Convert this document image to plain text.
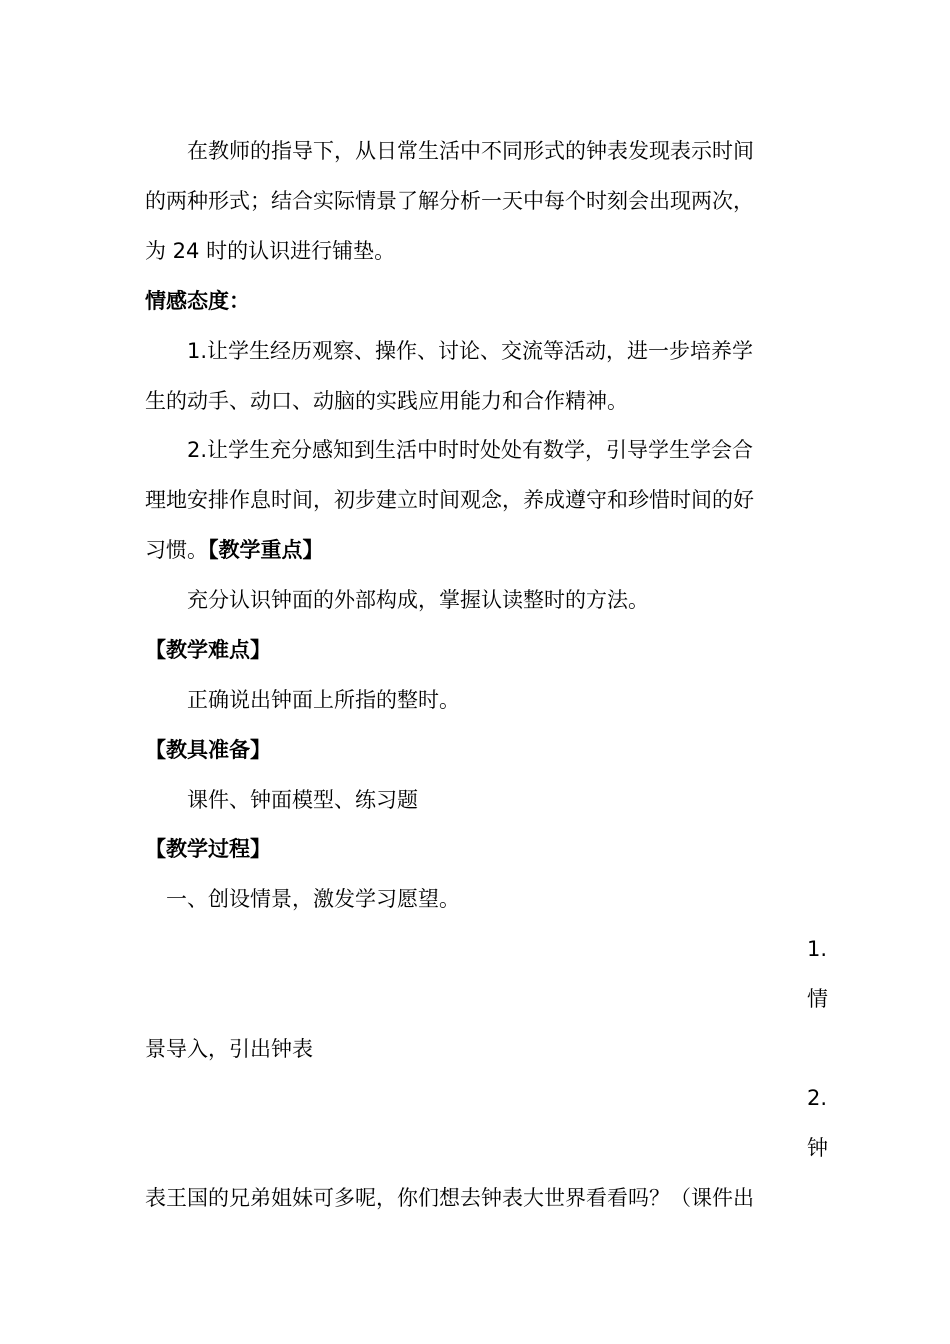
在教师的指导下，从日常生活中不同形式的钟表发现表示时间
的两种形式；结合实际情景了解分析一天中每个时刻会出现两次，
为 24 时的认识进行铺垫。
情感态度：
1.让学生经历观察、操作、讨论、交流等活动，进一步培养学
生的动手、动口、动脑的实践应用能力和合作精神。
2.让学生充分感知到生活中时时处处有数学，引导学生学会合
理地安排作息时间，初步建立时间观念，养成遵守和珍惜时间的好
习惯。【教学重点】
充分认识钟面的外部构成，掌握认读整时的方法。
【教学难点】
正确说出钟面上所指的整时。
【教具准备】
课件、钟面模型、练习题
【教学过程】
一、创设情景，激发学习愿望。
1.
情
景导入，引出钟表
2.
钟
表王国的兄弟姐妹可多呢，你们想去钟表大世界看看吗？（课件出
